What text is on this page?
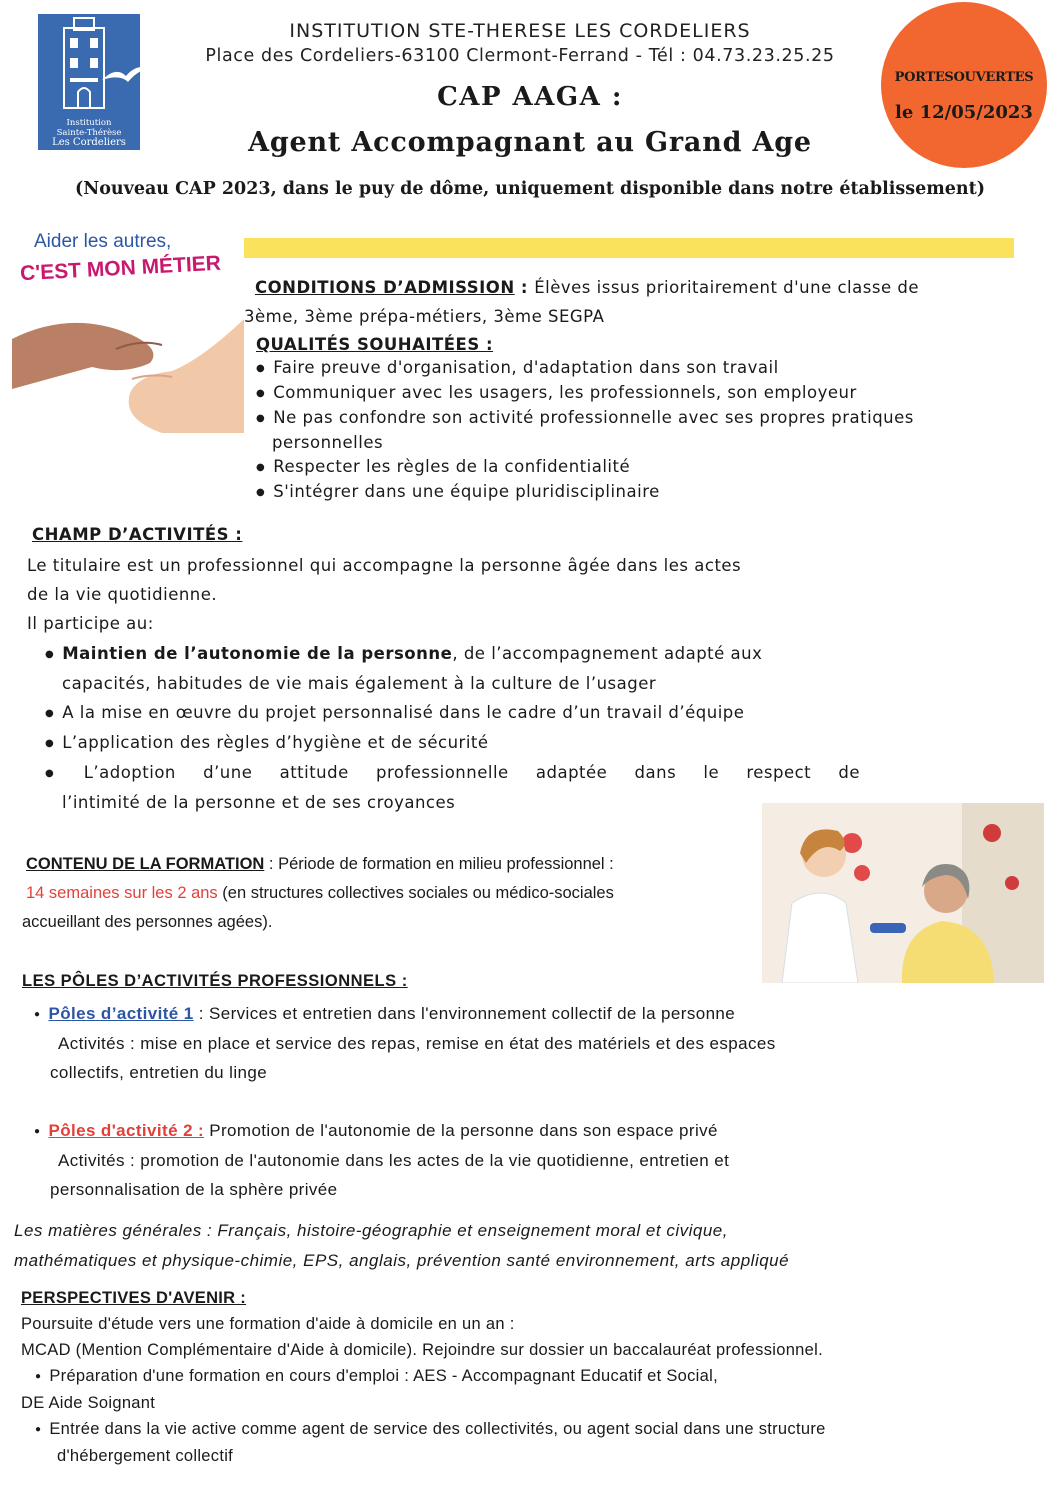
Institution
Sainte-Thérèse
Les Cordeliers
INSTITUTION STE-THERESE LES CORDELIERS
Place des Cordeliers-63100 Clermont-Ferrand - Tél : 04.73.23.25.25
CAP AAGA :
Agent Accompagnant au Grand Age
(Nouveau CAP 2023, dans le puy de dôme, uniquement disponible dans notre établissement)
PORTESOUVERTES
le 12/05/2023
Aider les autres,
C'EST MON MÉTIER
CONDITIONS D’ADMISSION : Élèves issus prioritairement d'une classe de
3ème, 3ème prépa-métiers, 3ème SEGPA
QUALITÉS SOUHAITÉES :
● Faire preuve d'organisation, d'adaptation dans son travail
● Communiquer avec les usagers, les professionnels, son employeur
● Ne pas confondre son activité professionnelle avec ses propres pratiques
personnelles
● Respecter les règles de la confidentialité
● S'intégrer dans une équipe pluridisciplinaire
CHAMP D’ACTIVITÉS :
Le titulaire est un professionnel qui accompagne la personne âgée dans les actes
de la vie quotidienne.
Il participe au:
● Maintien de l’autonomie de la personne, de l’accompagnement adapté aux
capacités, habitudes de vie mais également à la culture de l’usager
● A la mise en œuvre du projet personnalisé dans le cadre d’un travail d’équipe
● L’application des règles d’hygiène et de sécurité
● L’adoption d’une attitude professionnelle adaptée dans le respect de
l’intimité de la personne et de ses croyances
CONTENU DE LA FORMATION : Période de formation en milieu professionnel :
14 semaines sur les 2 ans (en structures collectives sociales ou médico-sociales
accueillant des personnes agées).
LES PÔLES D’ACTIVITÉS PROFESSIONNELS :
● Pôles d’activité 1 : Services et entretien dans l'environnement collectif de la personne
Activités : mise en place et service des repas, remise en état des matériels et des espaces
collectifs, entretien du linge
● Pôles d'activité 2 : Promotion de l'autonomie de la personne dans son espace privé
Activités : promotion de l'autonomie dans les actes de la vie quotidienne, entretien et
personnalisation de la sphère privée
Les matières générales : Français, histoire-géographie et enseignement moral et civique,
mathématiques et physique-chimie, EPS, anglais, prévention santé environnement, arts appliqué
PERSPECTIVES D'AVENIR :
Poursuite d'étude vers une formation d'aide à domicile en un an :
MCAD (Mention Complémentaire d'Aide à domicile). Rejoindre sur dossier un baccalauréat professionnel.
● Préparation d'une formation en cours d'emploi : AES - Accompagnant Educatif et Social,
DE Aide Soignant
● Entrée dans la vie active comme agent de service des collectivités, ou agent social dans une structure
d'hébergement collectif
